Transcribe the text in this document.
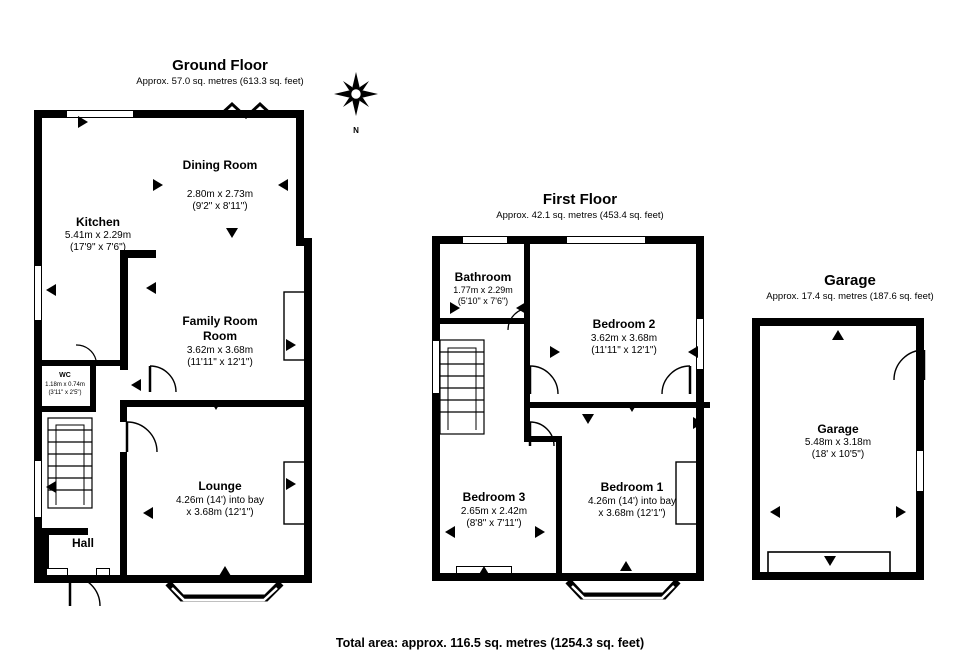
Ground Floor
Approx. 57.0 sq. metres (613.3 sq. feet)
N
Dining Room
2.80m x 2.73m
(9'2" x 8'11")
Kitchen
5.41m x 2.29m
(17'9" x 7'6")
Family Room
Room
3.62m x 3.68m
(11'11" x 12'1")
WC
1.18m x 0.74m
(3'11" x 2'5")
Lounge
4.26m (14') into bay
x 3.68m (12'1")
Hall
First Floor
Approx. 42.1 sq. metres (453.4 sq. feet)
Bathroom
1.77m x 2.29m
(5'10" x 7'6")
Bedroom 2
3.62m x 3.68m
(11'11" x 12'1")
Bedroom 1
4.26m (14') into bay
x 3.68m (12'1")
Bedroom 3
2.65m x 2.42m
(8'8" x 7'11")
Garage
Approx. 17.4 sq. metres (187.6 sq. feet)
Garage
5.48m x 3.18m
(18' x 10'5")
Total area: approx. 116.5 sq. metres (1254.3 sq. feet)
